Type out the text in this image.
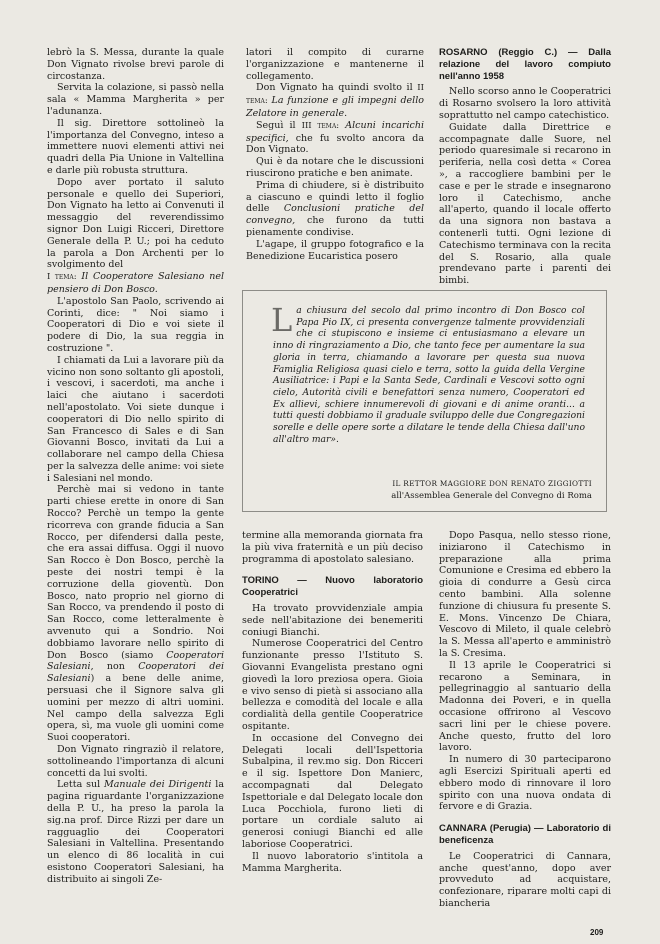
lebrò la S. Messa, durante la quale Don Vignato rivolse brevi parole di circostanza.

Servita la colazione, si passò nella sala « Mamma Margherita » per l'adunanza.

Il sig. Direttore sottolineò la l'importanza del Convegno, inteso a immettere nuovi elementi attivi nei quadri della Pia Unione in Valtellina e darle più robusta struttura.

Dopo aver portato il saluto personale e quello dei Superiori, Don Vignato ha letto ai Convenuti il messaggio del reverendissimo signor Don Luigi Ricceri, Direttore Generale della P. U.; poi ha ceduto la parola a Don Archenti per lo svolgimento del

I tema: Il Cooperatore Salesiano nel pensiero di Don Bosco.

L'apostolo San Paolo, scrivendo ai Corinti, dice: " Noi siamo i Cooperatori di Dio e voi siete il podere di Dio, la sua reggia in costruzione ".

I chiamati da Lui a lavorare più da vicino non sono soltanto gli apostoli, i vescovi, i sacerdoti, ma anche i laici che aiutano i sacerdoti nell'apostolato. Voi siete dunque i cooperatori di Dio nello spirito di San Francesco di Sales e di San Giovanni Bosco, invitati da Lui a collaborare nel campo della Chiesa per la salvezza delle anime: voi siete i Salesiani nel mondo.

Perchè mai si vedono in tante parti chiese erette in onore di San Rocco? Perchè un tempo la gente ricorreva con grande fiducia a San Rocco, per difendersi dalla peste, che era assai diffusa. Oggi il nuovo San Rocco è Don Bosco, perchè la peste dei nostri tempi è la corruzione della gioventù. Don Bosco, nato proprio nel giorno di San Rocco, va prendendo il posto di San Rocco, come letteralmente è avvenuto qui a Sondrio. Noi dobbiamo lavorare nello spirito di Don Bosco (siamo Cooperatori Salesiani, non Cooperatori dei Salesiani) a bene delle anime, persuasi che il Signore salva gli uomini per mezzo di altri uomini. Nel campo della salvezza Egli opera, sì, ma vuole gli uomini come Suoi cooperatori.

Don Vignato ringraziò il relatore, sottolineando l'importanza di alcuni concetti da lui svolti.

Letta sul Manuale dei Dirigenti la pagina riguardante l'organizzazione della P. U., ha preso la parola la sig.na prof. Dirce Rizzi per dare un ragguaglio dei Cooperatori Salesiani in Valtellina. Presentando un elenco di 86 località in cui esistono Cooperatori Salesiani, ha distribuito ai singoli Ze-

latori il compito di curarne l'organizzazione e mantenerne il collegamento.

Don Vignato ha quindi svolto il II tema: La funzione e gli impegni dello Zelatore in generale.

Seguì il III tema: Alcuni incarichi specifici, che fu svolto ancora da Don Vignato.

Qui è da notare che le discussioni riuscirono pratiche e ben animate.

Prima di chiudere, si è distribuito a ciascuno e quindi letto il foglio delle Conclusioni pratiche del convegno, che furono da tutti pienamente condivise.

L'agape, il gruppo fotografico e la Benedizione Eucaristica posero

ROSARNO (Reggio C.) — Dalla relazione del lavoro compiuto nell'anno 1958

Nello scorso anno le Cooperatrici di Rosarno svolsero la loro attività soprattutto nel campo catechistico.

Guidate dalla Direttrice e accompagnate dalle Suore, nel periodo quaresimale si recarono in periferia, nella così detta « Corea », a raccogliere bambini per le case e per le strade e insegnarono loro il Catechismo, anche all'aperto, quando il locale offerto da una signora non bastava a contenerli tutti. Ogni lezione di Catechismo terminava con la recita del S. Rosario, alla quale prendevano parte i parenti dei bimbi.

La chiusura del secolo dal primo incontro di Don Bosco col Papa Pio IX, ci presenta convergenze talmente provvidenziali che ci stupiscono e insieme ci entusiasmano a elevare un inno di ringraziamento a Dio, che tanto fece per aumentare la sua gloria in terra, chiamando a lavorare per questa sua nuova Famiglia Religiosa quasi cielo e terra, sotto la guida della Vergine Ausiliatrice: i Papi e la Santa Sede, Cardinali e Vescovi sotto ogni cielo, Autorità civili e benefattori senza numero, Cooperatori ed Ex allievi, schiere innumerevoli di giovani e di anime oranti... a tutti questi dobbiamo il graduale sviluppo delle due Congregazioni sorelle e delle opere sorte a dilatare le tende della Chiesa dall'uno all'altro mar».
IL RETTOR MAGGIORE DON RENATO ZIGGIOTTI
all'Assemblea Generale del Convegno di Roma

termine alla memoranda giornata fra la più viva fraternità e un più deciso programma di apostolato salesiano.

TORINO — Nuovo laboratorio Cooperatrici

Ha trovato provvidenziale ampia sede nell'abitazione dei benemeriti coniugi Bianchi.

Numerose Cooperatrici del Centro funzionante presso l'Istituto S. Giovanni Evangelista prestano ogni giovedì la loro preziosa opera. Gioia e vivo senso di pietà si associano alla bellezza e comodità del locale e alla cordialità della gentile Cooperatrice ospitante.

In occasione del Convegno dei Delegati locali dell'Ispettoria Subalpina, il rev.mo sig. Don Ricceri e il sig. Ispettore Don Manierc, accompagnati dal Delegato Ispettoriale e dal Delegato locale don Luca Pocchiola, furono lieti di portare un cordiale saluto ai generosi coniugi Bianchi ed alle laboriose Cooperatrici.

Il nuovo laboratorio s'intitola a Mamma Margherita.

Dopo Pasqua, nello stesso rione, iniziarono il Catechismo in preparazione alla prima Comunione e Cresima ed ebbero la gioia di condurre a Gesù circa cento bambini. Alla solenne funzione di chiusura fu presente S. E. Mons. Vincenzo De Chiara, Vescovo di Mileto, il quale celebrò la S. Messa all'aperto e amministrò la S. Cresima.

Il 13 aprile le Cooperatrici si recarono a Seminara, in pellegrinaggio al santuario della Madonna dei Poveri, e in quella occasione offrirono al Vescovo sacri lini per le chiese povere. Anche questo, frutto del loro lavoro.

In numero di 30 parteciparono agli Esercizi Spirituali aperti ed ebbero modo di rinnovare il loro spirito con una nuova ondata di fervore e di Grazia.

CANNARA (Perugia) — Laboratorio di beneficenza

Le Cooperatrici di Cannara, anche quest'anno, dopo aver provveduto ad acquistare, confezionare, riparare molti capi di biancheria

209
